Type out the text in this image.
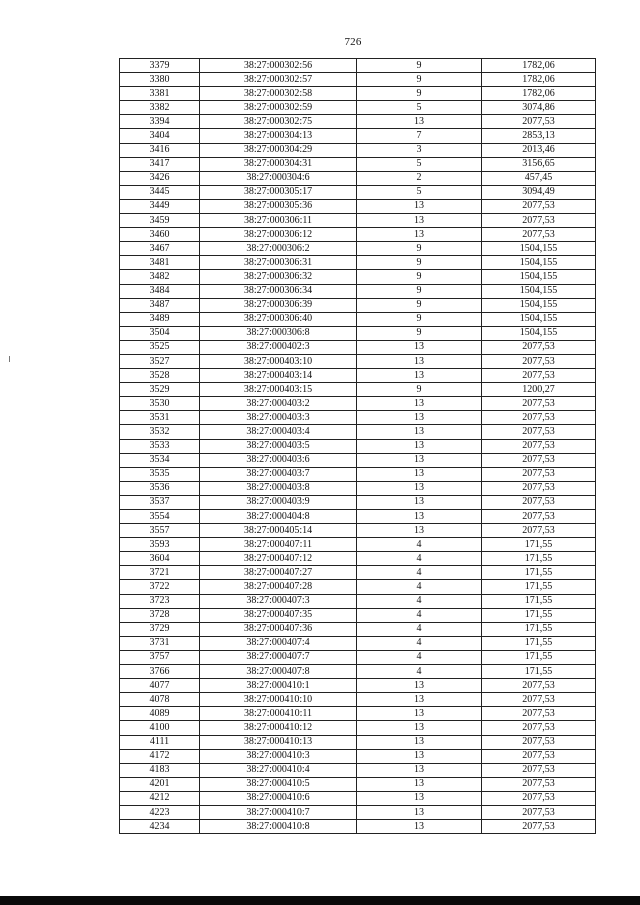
726
3379	38:27:000302:56	9	1782,06
3380	38:27:000302:57	9	1782,06
3381	38:27:000302:58	9	1782,06
3382	38:27:000302:59	5	3074,86
3394	38:27:000302:75	13	2077,53
3404	38:27:000304:13	7	2853,13
3416	38:27:000304:29	3	2013,46
3417	38:27:000304:31	5	3156,65
3426	38:27:000304:6	2	457,45
3445	38:27:000305:17	5	3094,49
3449	38:27:000305:36	13	2077,53
3459	38:27:000306:11	13	2077,53
3460	38:27:000306:12	13	2077,53
3467	38:27:000306:2	9	1504,155
3481	38:27:000306:31	9	1504,155
3482	38:27:000306:32	9	1504,155
3484	38:27:000306:34	9	1504,155
3487	38:27:000306:39	9	1504,155
3489	38:27:000306:40	9	1504,155
3504	38:27:000306:8	9	1504,155
3525	38:27:000402:3	13	2077,53
3527	38:27:000403:10	13	2077,53
3528	38:27:000403:14	13	2077,53
3529	38:27:000403:15	9	1200,27
3530	38:27:000403:2	13	2077,53
3531	38:27:000403:3	13	2077,53
3532	38:27:000403:4	13	2077,53
3533	38:27:000403:5	13	2077,53
3534	38:27:000403:6	13	2077,53
3535	38:27:000403:7	13	2077,53
3536	38:27:000403:8	13	2077,53
3537	38:27:000403:9	13	2077,53
3554	38:27:000404:8	13	2077,53
3557	38:27:000405:14	13	2077,53
3593	38:27:000407:11	4	171,55
3604	38:27:000407:12	4	171,55
3721	38:27:000407:27	4	171,55
3722	38:27:000407:28	4	171,55
3723	38:27:000407:3	4	171,55
3728	38:27:000407:35	4	171,55
3729	38:27:000407:36	4	171,55
3731	38:27:000407:4	4	171,55
3757	38:27:000407:7	4	171,55
3766	38:27:000407:8	4	171,55
4077	38:27:000410:1	13	2077,53
4078	38:27:000410:10	13	2077,53
4089	38:27:000410:11	13	2077,53
4100	38:27:000410:12	13	2077,53
4111	38:27:000410:13	13	2077,53
4172	38:27:000410:3	13	2077,53
4183	38:27:000410:4	13	2077,53
4201	38:27:000410:5	13	2077,53
4212	38:27:000410:6	13	2077,53
4223	38:27:000410:7	13	2077,53
4234	38:27:000410:8	13	2077,53
